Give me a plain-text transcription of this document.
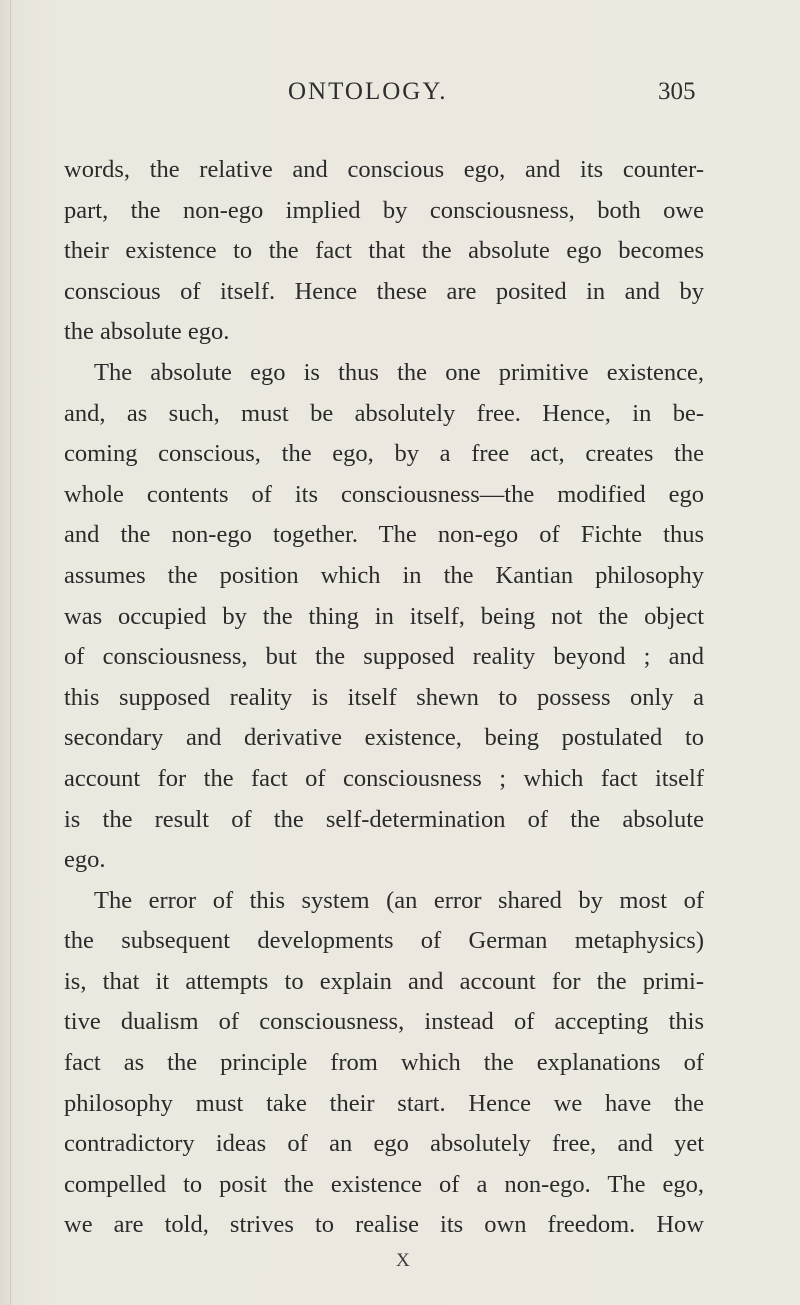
ONTOLOGY.	305
words, the relative and conscious ego, and its counter-
part, the non-ego implied by consciousness, both owe
their existence to the fact that the absolute ego becomes
conscious of itself. Hence these are posited in and by
the absolute ego.
The absolute ego is thus the one primitive existence,
and, as such, must be absolutely free. Hence, in be-
coming conscious, the ego, by a free act, creates the
whole contents of its consciousness—the modified ego
and the non-ego together. The non-ego of Fichte thus
assumes the position which in the Kantian philosophy
was occupied by the thing in itself, being not the object
of consciousness, but the supposed reality beyond ; and
this supposed reality is itself shewn to possess only a
secondary and derivative existence, being postulated to
account for the fact of consciousness ; which fact itself
is the result of the self-determination of the absolute
ego.
The error of this system (an error shared by most of
the subsequent developments of German metaphysics)
is, that it attempts to explain and account for the primi-
tive dualism of consciousness, instead of accepting this
fact as the principle from which the explanations of
philosophy must take their start. Hence we have the
contradictory ideas of an ego absolutely free, and yet
compelled to posit the existence of a non-ego. The ego,
we are told, strives to realise its own freedom. How
X
